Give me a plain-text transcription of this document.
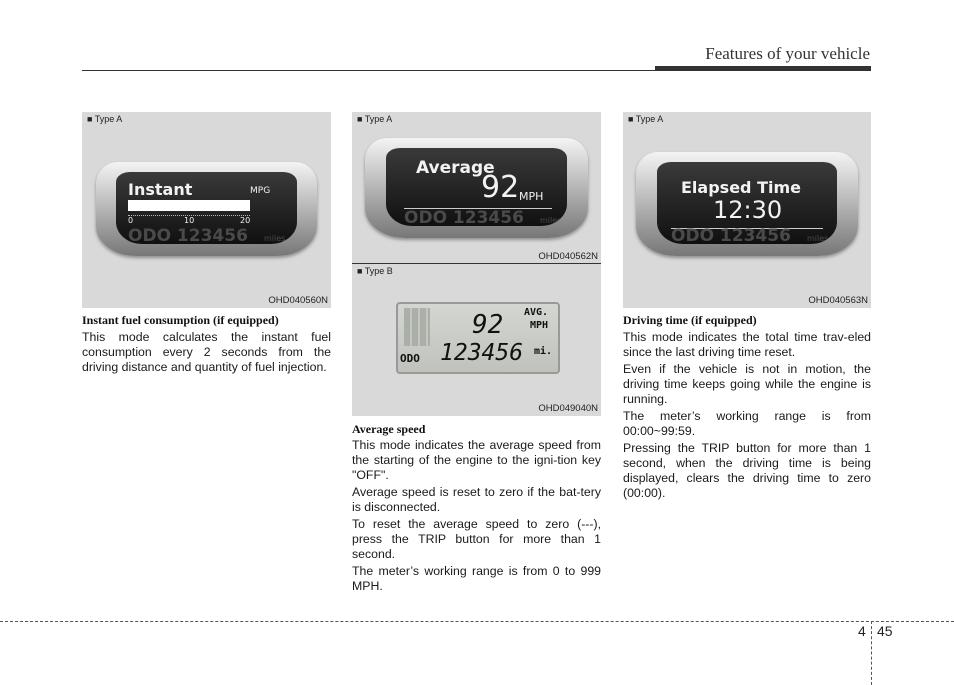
Features of your vehicle
■ Type A
Instant	MPG
0	10	20
ODO 123456 miles
OHD040560N
Instant fuel consumption (if equipped)

This mode calculates the instant fuel consumption every 2 seconds from the driving distance and quantity of fuel injection.

■ Type A
Average
92 MPH
ODO 123456 miles
OHD040562N
■ Type B
AVG.
MPH
92
ODO 123456 mi.
OHD049040N
Average speed

This mode indicates the average speed from the starting of the engine to the igni-tion key "OFF".

Average speed is reset to zero if the bat-tery is disconnected.

To reset the average speed to zero (---), press the TRIP button for more than 1 second.

The meter’s working range is from 0 to 999 MPH.

■ Type A
Elapsed Time
12:30
ODO 123456 miles
OHD040563N
Driving time (if equipped)

This mode indicates the total time trav-eled since the last driving time reset.

Even if the vehicle is not in motion, the driving time keeps going while the engine is running.

The meter’s working range is from 00:00~99:59.

Pressing the TRIP button for more than 1 second, when the driving time is being displayed, clears the driving time to zero (00:00).

4 45
